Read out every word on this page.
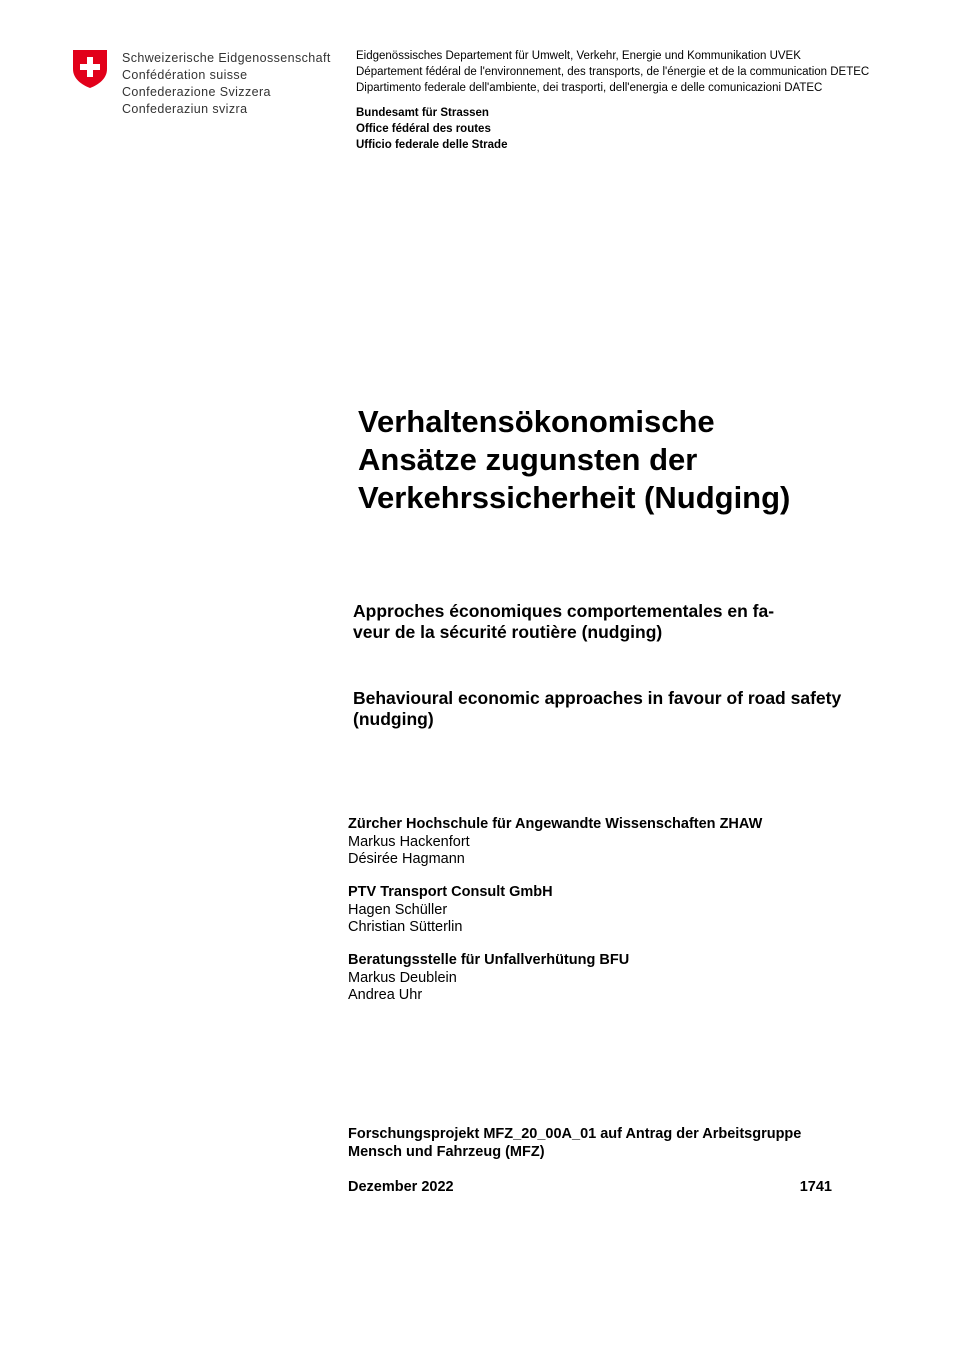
Schweizerische Eidgenossenschaft
Confédération suisse
Confederazione Svizzera
Confederaziun svizra
Eidgenössisches Departement für Umwelt, Verkehr, Energie und Kommunikation UVEK
Département fédéral de l'environnement, des transports, de l'énergie et de la communication DETEC
Dipartimento federale dell'ambiente, dei trasporti, dell'energia e delle comunicazioni DATEC
Bundesamt für Strassen
Office fédéral des routes
Ufficio federale delle Strade
Verhaltensökonomische
Ansätze zugunsten der
Verkehrssicherheit (Nudging)
Approches économiques comportementales en fa-
veur de la sécurité routière (nudging)
Behavioural economic approaches in favour of road safety
(nudging)
Zürcher Hochschule für Angewandte Wissenschaften ZHAW
Markus Hackenfort
Désirée Hagmann
PTV Transport Consult GmbH
Hagen Schüller
Christian Sütterlin
Beratungsstelle für Unfallverhütung BFU
Markus Deublein
Andrea Uhr
Forschungsprojekt MFZ_20_00A_01 auf Antrag der Arbeitsgruppe
Mensch und Fahrzeug (MFZ)
Dezember 2022	1741
